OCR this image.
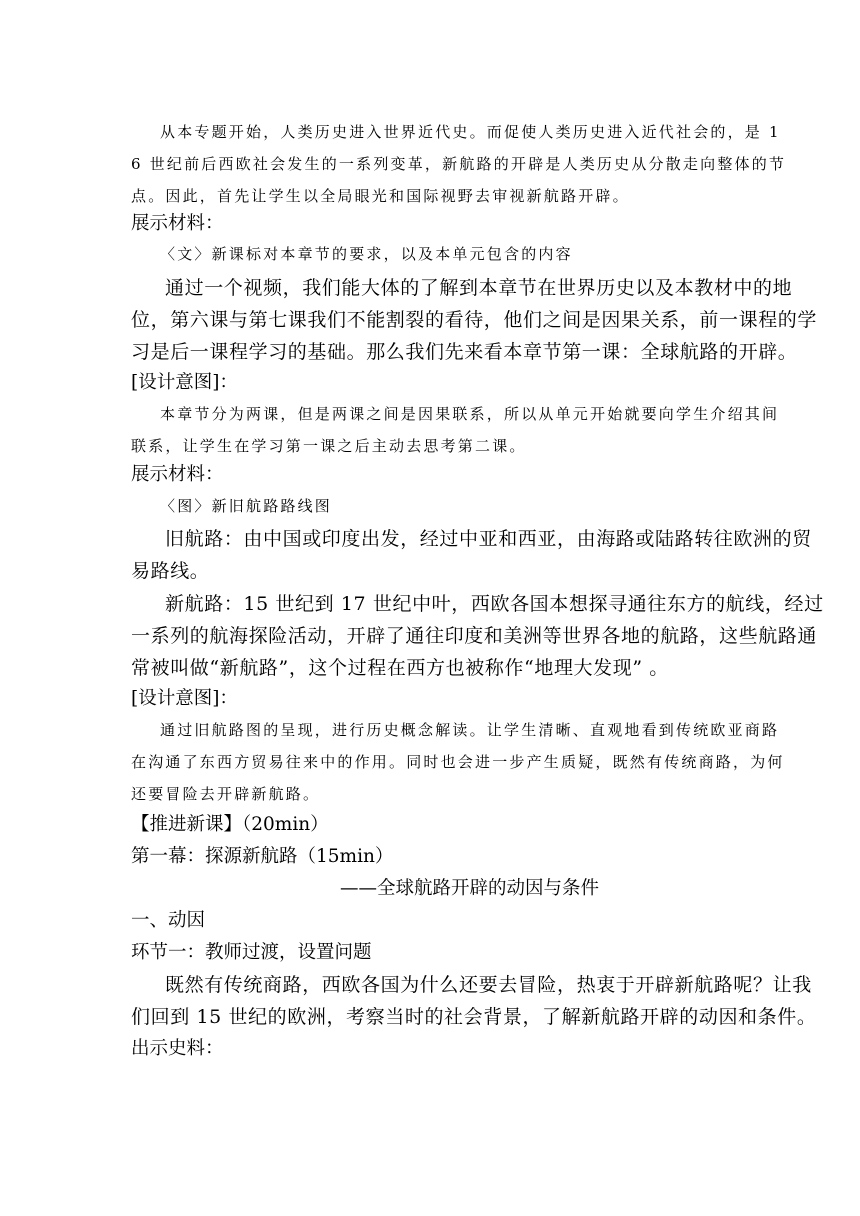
从本专题开始，人类历史进入世界近代史。而促使人类历史进入近代社会的，是 1
6 世纪前后西欧社会发生的一系列变革，新航路的开辟是人类历史从分散走向整体的节
点。因此，首先让学生以全局眼光和国际视野去审视新航路开辟。
展示材料：
〈文〉新课标对本章节的要求，以及本单元包含的内容
通过一个视频，我们能大体的了解到本章节在世界历史以及本教材中的地
位，第六课与第七课我们不能割裂的看待，他们之间是因果关系，前一课程的学
习是后一课程学习的基础。那么我们先来看本章节第一课：全球航路的开辟。
[设计意图]：
本章节分为两课，但是两课之间是因果联系，所以从单元开始就要向学生介绍其间
联系，让学生在学习第一课之后主动去思考第二课。
展示材料：
〈图〉新旧航路路线图
旧航路：由中国或印度出发，经过中亚和西亚，由海路或陆路转往欧洲的贸
易路线。
新航路：15 世纪到 17 世纪中叶，西欧各国本想探寻通往东方的航线，经过
一系列的航海探险活动，开辟了通往印度和美洲等世界各地的航路，这些航路通
常被叫做“新航路”，这个过程在西方也被称作“地理大发现” 。
[设计意图]：
通过旧航路图的呈现，进行历史概念解读。让学生清晰、直观地看到传统欧亚商路
在沟通了东西方贸易往来中的作用。同时也会进一步产生质疑，既然有传统商路，为何
还要冒险去开辟新航路。
【推进新课】（20min）
第一幕：探源新航路（15min）
——全球航路开辟的动因与条件
一、动因
环节一：教师过渡，设置问题
既然有传统商路，西欧各国为什么还要去冒险，热衷于开辟新航路呢？让我
们回到 15 世纪的欧洲，考察当时的社会背景，了解新航路开辟的动因和条件。
出示史料：
